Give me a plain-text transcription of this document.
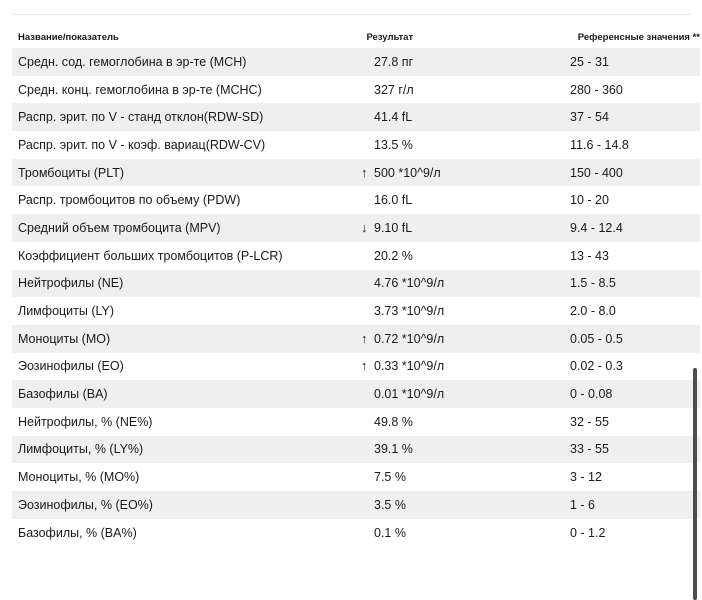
Название/показатель	Результат	Референсные значения **
Средн. сод. гемоглобина в эр-те (MCH)	27.8 пг	25 - 31
Средн. конц. гемоглобина в эр-те (MCHC)	327 г/л	280 - 360
Распр. эрит. по V - станд отклон(RDW-SD)	41.4 fL	37 - 54
Распр. эрит. по V - коэф. вариац(RDW-CV)	13.5 %	11.6 - 14.8
Тромбоциты (PLT)	↑ 500 *10^9/л	150 - 400
Распр. тромбоцитов по объему (PDW)	16.0 fL	10 - 20
Средний объем тромбоцита (MPV)	↓ 9.10 fL	9.4 - 12.4
Коэффициент больших тромбоцитов (P-LCR)	20.2 %	13 - 43
Нейтрофилы (NE)	4.76 *10^9/л	1.5 - 8.5
Лимфоциты (LY)	3.73 *10^9/л	2.0 - 8.0
Моноциты (MO)	↑ 0.72 *10^9/л	0.05 - 0.5
Эозинофилы (EO)	↑ 0.33 *10^9/л	0.02 - 0.3
Базофилы (BA)	0.01 *10^9/л	0 - 0.08
Нейтрофилы, % (NE%)	49.8 %	32 - 55
Лимфоциты, % (LY%)	39.1 %	33 - 55
Моноциты, % (MO%)	7.5 %	3 - 12
Эозинофилы, % (EO%)	3.5 %	1 - 6
Базофилы, % (BA%)	0.1 %	0 - 1.2
